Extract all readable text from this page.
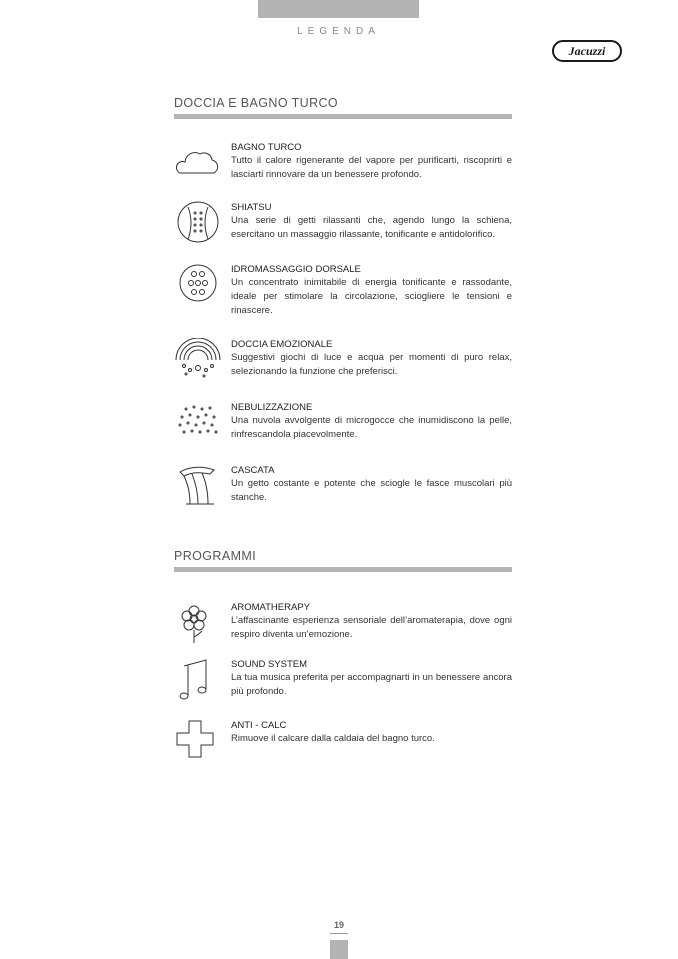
LEGENDA
Jacuzzi
DOCCIA E BAGNO TURCO
BAGNO TURCO
Tutto il calore rigenerante del vapore per purificarti, riscoprirti e lasciarti rinnovare da un benessere profondo.
SHIATSU
Una serie di getti rilassanti che, agendo lungo la schiena, esercitano un massaggio rilassante, tonificante e antidolorifico.
IDROMASSAGGIO DORSALE
Un concentrato inimitabile di energia tonificante e rassodante, ideale per stimolare la circolazione, sciogliere le tensioni e rinascere.
DOCCIA EMOZIONALE
Suggestivi giochi di luce e acqua per momenti di puro relax, selezionando la funzione che preferisci.
NEBULIZZAZIONE
Una nuvola avvolgente di microgocce che inumidiscono la pelle, rinfrescandola piacevolmente.
CASCATA
Un getto costante e potente che sciogle le fasce muscolari più stanche.
PROGRAMMI
AROMATHERAPY
L’affascinante esperienza sensoriale dell’aromaterapia, dove ogni respiro diventa un’emozione.
SOUND SYSTEM
La tua musica preferita per accompagnarti in un benessere ancora più profondo.
ANTI - CALC
Rimuove il calcare dalla caldaia del bagno turco.
19
